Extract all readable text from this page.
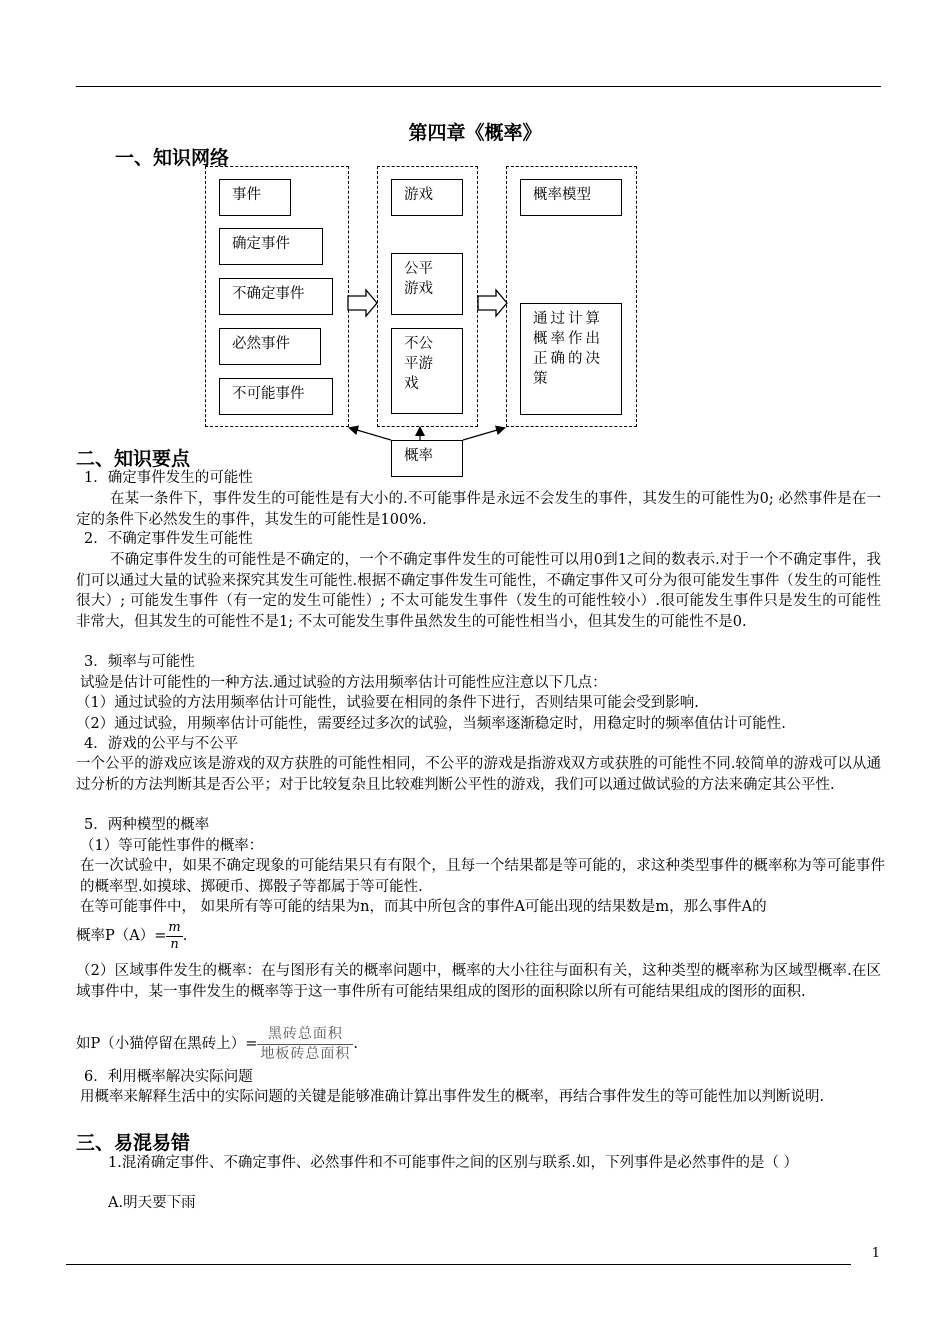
第四章《概率》
一、知识网络
事件
确定事件
不确定事件
必然事件
不可能事件
游戏
公平游戏
不公平游戏
概率模型
通过计算概率作出正确的决策
概率
二、知识要点
1．确定事件发生的可能性
在某一条件下，事件发生的可能性是有大小的.不可能事件是永远不会发生的事件，其发生的可能性为0; 必然事件是在一定的条件下必然发生的事件，其发生的可能性是100%.
2．不确定事件发生可能性
不确定事件发生的可能性是不确定的，一个不确定事件发生的可能性可以用0到1之间的数表示.对于一个不确定事件，我们可以通过大量的试验来探究其发生可能性.根据不确定事件发生可能性，不确定事件又可分为很可能发生事件（发生的可能性很大）; 可能发生事件（有一定的发生可能性）; 不太可能发生事件（发生的可能性较小）.很可能发生事件只是发生的可能性非常大，但其发生的可能性不是1; 不太可能发生事件虽然发生的可能性相当小，但其发生的可能性不是0.
3．频率与可能性
试验是估计可能性的一种方法.通过试验的方法用频率估计可能性应注意以下几点：
（1）通过试验的方法用频率估计可能性，试验要在相同的条件下进行，否则结果可能会受到影响.
（2）通过试验，用频率估计可能性，需要经过多次的试验，当频率逐渐稳定时，用稳定时的频率值估计可能性.
4．游戏的公平与不公平
一个公平的游戏应该是游戏的双方获胜的可能性相同，不公平的游戏是指游戏双方或获胜的可能性不同.较简单的游戏可以从通过分析的方法判断其是否公平；对于比较复杂且比较难判断公平性的游戏，我们可以通过做试验的方法来确定其公平性.
5．两种模型的概率
（1）等可能性事件的概率：
在一次试验中，如果不确定现象的可能结果只有有限个，且每一个结果都是等可能的，求这种类型事件的概率称为等可能事件的概率型.如摸球、掷硬币、掷骰子等都属于等可能性.
在等可能事件中， 如果所有等可能的结果为n，而其中所包含的事件A可能出现的结果数是m，那么事件A的
概率$P(A)= \frac{m}{n}$ .
（2）区域事件发生的概率：在与图形有关的概率问题中，概率的大小往往与面积有关，这种类型的概率称为区域型概率.在区域事件中，某一事件发生的概率等于这一事件所有可能结果组成的图形的面积除以所有可能结果组成的图形的面积.
如P（小猫停留在黑砖上）= $\frac{\text{黑砖总面积}}{\text{地板砖总面积}}$ .
6．利用概率解决实际问题
用概率来解释生活中的实际问题的关键是能够准确计算出事件发生的概率，再结合事件发生的等可能性加以判断说明.
三、易混易错
1.混淆确定事件、不确定事件、必然事件和不可能事件之间的区别与联系.如，下列事件是必然事件的是（ ）
A.明天要下雨
1
